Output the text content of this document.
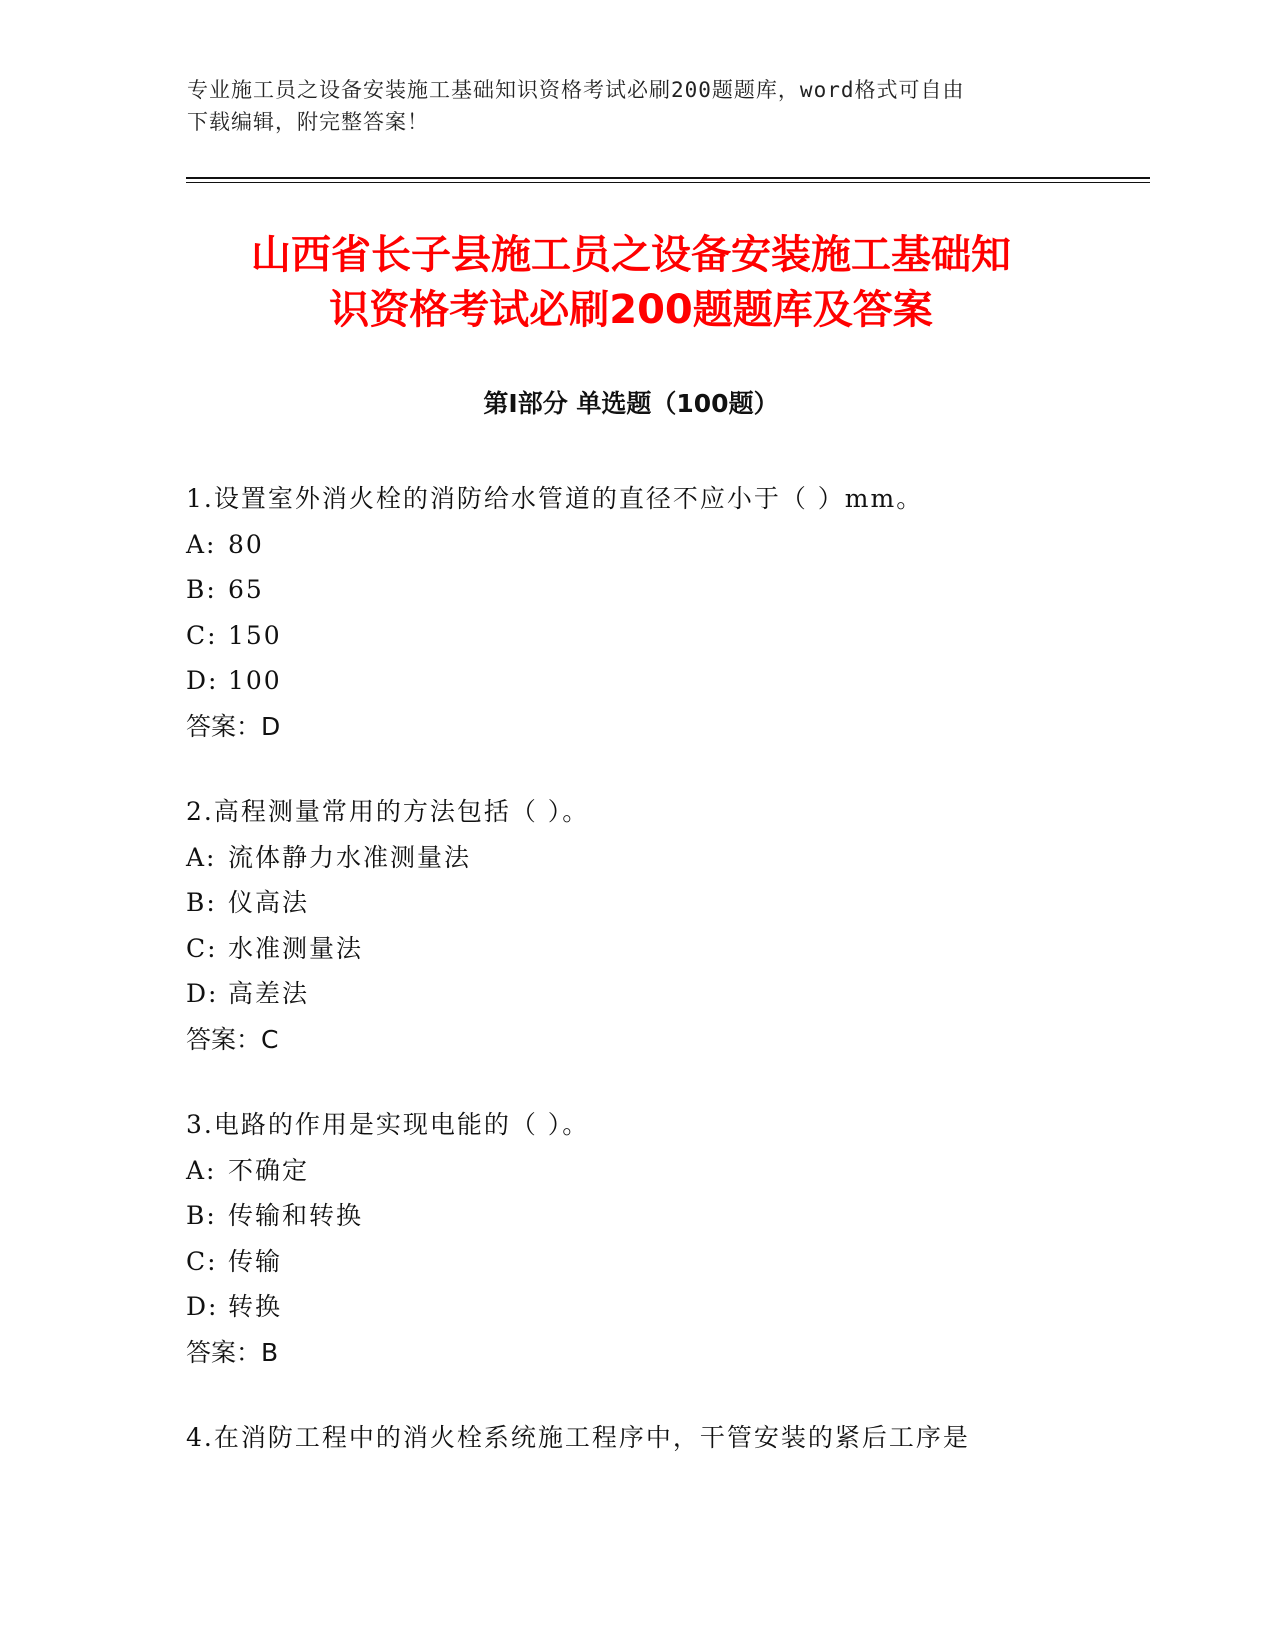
专业施工员之设备安装施工基础知识资格考试必刷200题题库，word格式可自由
下载编辑，附完整答案！
山西省长子县施工员之设备安装施工基础知
识资格考试必刷200题题库及答案
第Ⅰ部分 单选题（100题）
1.设置室外消火栓的消防给水管道的直径不应小于（ ）mm。
A: 80
B: 65
C: 150
D: 100
答案：D
2.高程测量常用的方法包括（ ）。
A: 流体静力水准测量法
B: 仪高法
C: 水准测量法
D: 高差法
答案：C
3.电路的作用是实现电能的（ ）。
A: 不确定
B: 传输和转换
C: 传输
D: 转换
答案：B
4.在消防工程中的消火栓系统施工程序中，干管安装的紧后工序是
